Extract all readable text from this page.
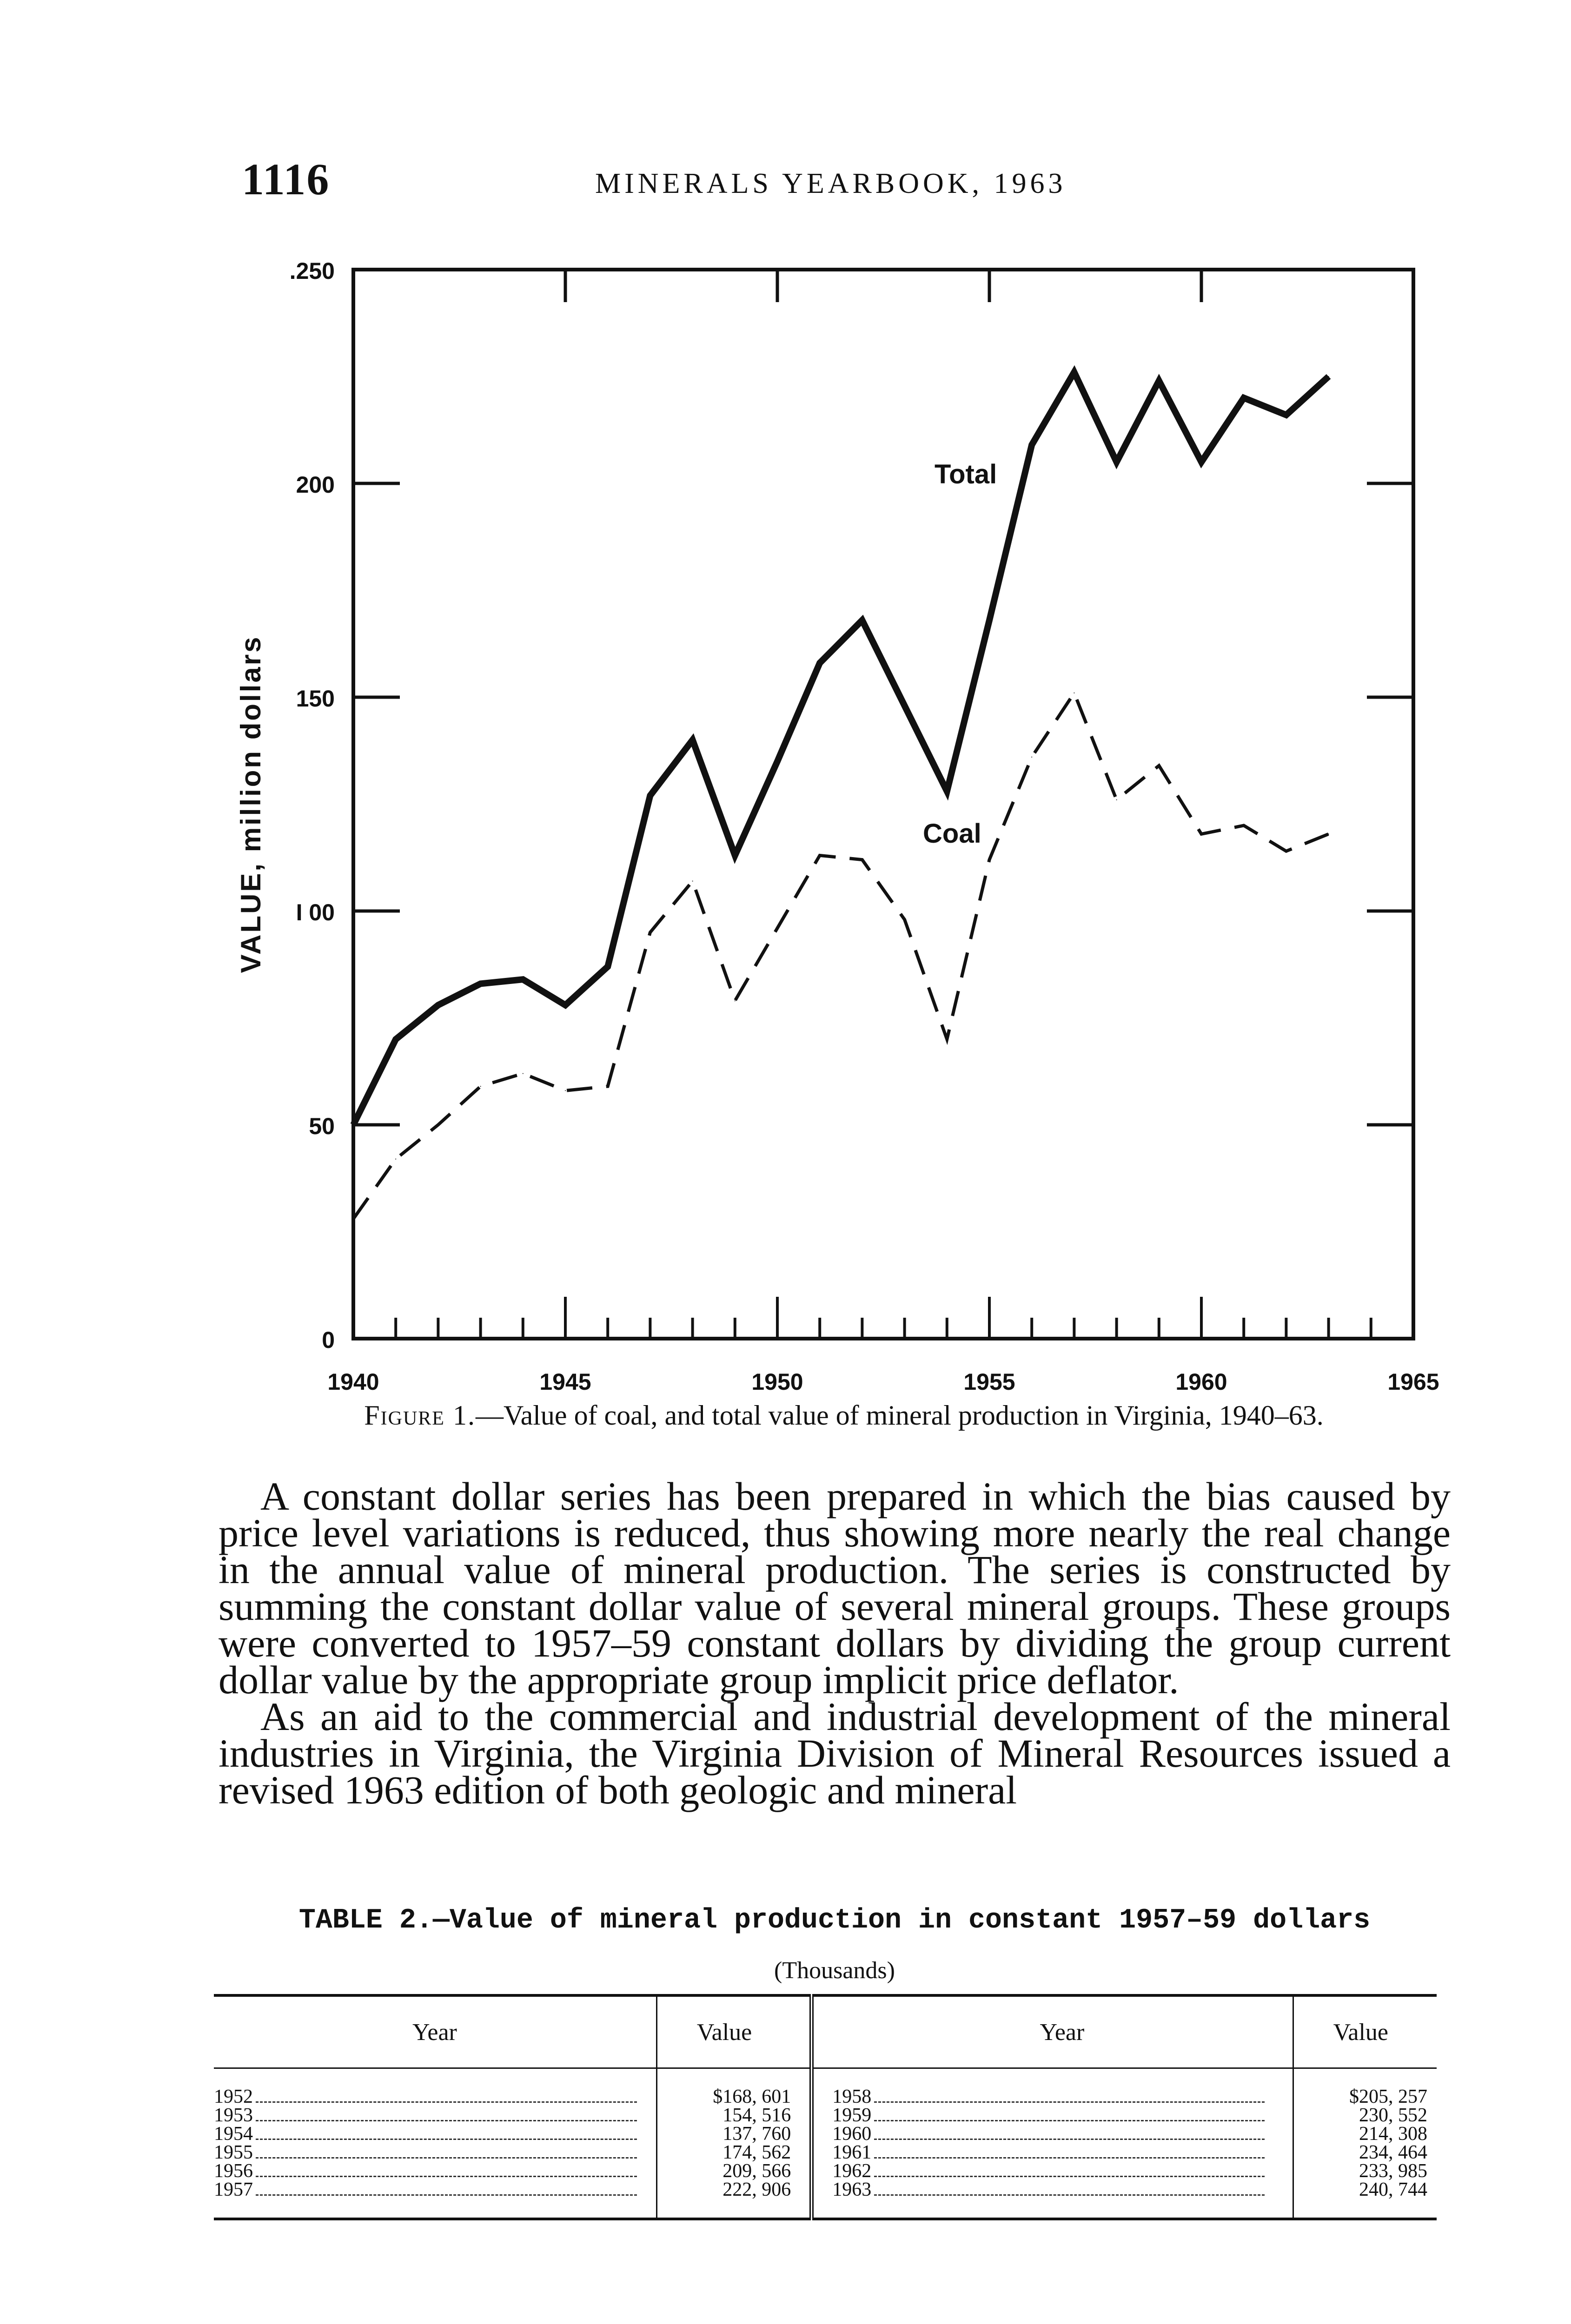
1116	MINERALS YEARBOOK, 1963
.250
200
150
I 00
50
0
1940	1945	1950	1955	1960	1965
VALUE, million dollars
Total
Coal
Figure 1.—Value of coal, and total value of mineral production in Virginia, 1940–63.

A constant dollar series has been prepared in which the bias caused by price level variations is reduced, thus showing more nearly the real change in the annual value of mineral production. The series is constructed by summing the constant dollar value of several mineral groups. These groups were converted to 1957–59 constant dollars by dividing the group current dollar value by the appropriate group implicit price deflator.

As an aid to the commercial and industrial development of the mineral industries in Virginia, the Virginia Division of Mineral Resources issued a revised 1963 edition of both geologic and mineral

TABLE 2.—Value of mineral production in constant 1957–59 dollars
(Thousands)
Year	Value	Year	Value
1952	$168, 601	1958	$205, 257
1953	154, 516	1959	230, 552
1954	137, 760	1960	214, 308
1955	174, 562	1961	234, 464
1956	209, 566	1962	233, 985
1957	222, 906	1963	240, 744
